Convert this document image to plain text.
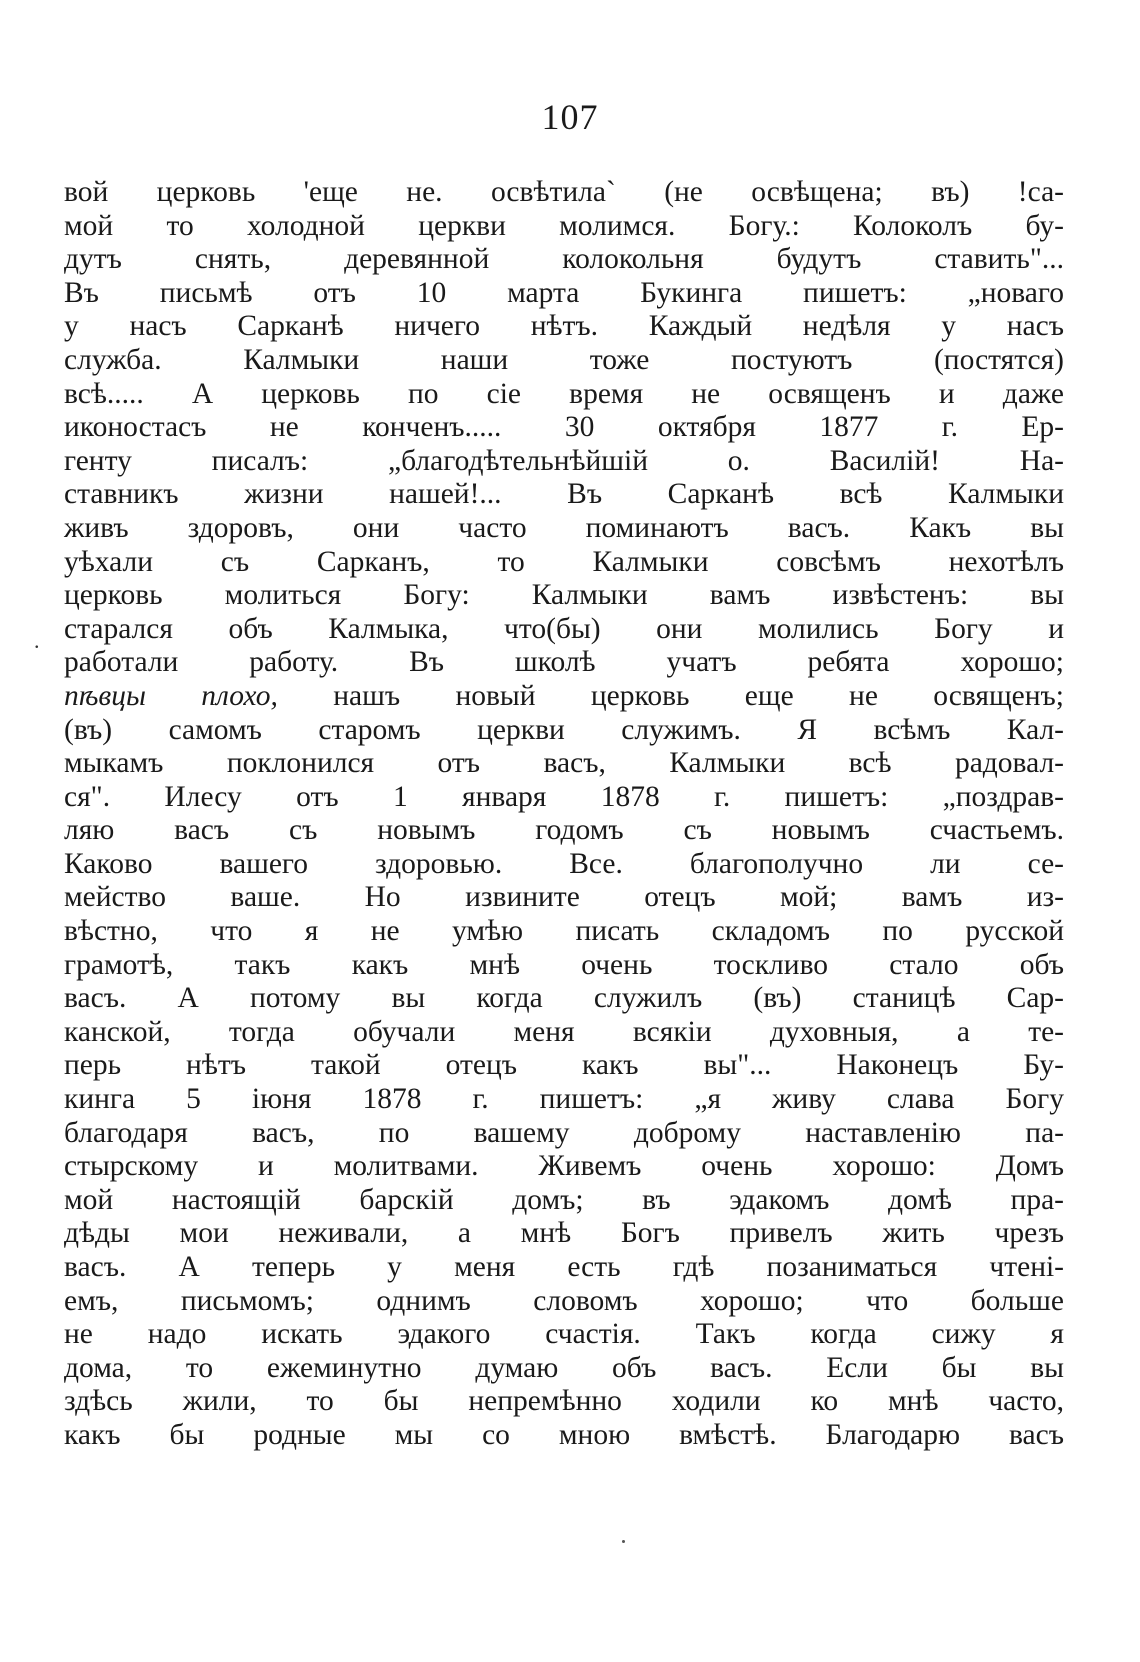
107
.
вой церковь 'еще не. освѣтила` (не освѣщена; въ) !са-
мой то холодной церкви молимся. Богу.: Колоколъ бу-
дутъ снять, деревянной колокольня будутъ ставить"...
Въ письмѣ отъ 10 марта Букинга пишетъ: „новаго
у насъ Сарканѣ ничего нѣтъ. Каждый недѣля у насъ
служба. Калмыки наши тоже постуютъ (постятся)
всѣ..... А церковь по сіе время не освященъ и даже
иконостасъ не конченъ..... 30 октября 1877 г. Ер-
генту писалъ: „благодѣтельнѣйшій о. Василій! На-
ставникъ жизни нашей!... Въ Сарканѣ всѣ Калмыки
живъ здоровъ, они часто поминаютъ васъ. Какъ вы
уѣхали съ Сарканъ, то Калмыки совсѣмъ нехотѣлъ
церковь молиться Богу: Калмыки вамъ извѣстенъ: вы
старался объ Калмыка, что(бы) они молились Богу и
работали работу. Въ школѣ учатъ ребята хорошо;
пѣвцы плохо, нашъ новый церковь еще не освященъ;
(въ) самомъ старомъ церкви служимъ. Я всѣмъ Кал-
мыкамъ поклонился отъ васъ, Калмыки всѣ радовал-
ся". Илесу отъ 1 января 1878 г. пишетъ: „поздрав-
ляю васъ съ новымъ годомъ съ новымъ счастьемъ.
Каково вашего здоровью. Все. благополучно ли се-
мейство ваше. Но извините отецъ мой; вамъ из-
вѣстно, что я не умѣю писать складомъ по русской
грамотѣ, такъ какъ мнѣ очень тоскливо стало объ
васъ. А потому вы когда служилъ (въ) станицѣ Сар-
канской, тогда обучали меня всякіи духовныя, а те-
перь нѣтъ такой отецъ какъ вы"... Наконецъ Бу-
кинга 5 іюня 1878 г. пишетъ: „я живу слава Богу
благодаря васъ, по вашему доброму наставленію па-
стырскому и молитвами. Живемъ очень хорошо: Домъ
мой настоящій барскій домъ; въ эдакомъ домѣ пра-
дѣды мои неживали, а мнѣ Богъ привелъ жить чрезъ
васъ. А теперь у меня есть гдѣ позаниматься чтені-
емъ, письмомъ; однимъ словомъ хорошо; что больше
не надо искать эдакого счастія. Такъ когда сижу я
дома, то ежеминутно думаю объ васъ. Если бы вы
здѣсь жили, то бы непремѣнно ходили ко мнѣ часто,
какъ бы родные мы со мною вмѣстѣ. Благодарю васъ
